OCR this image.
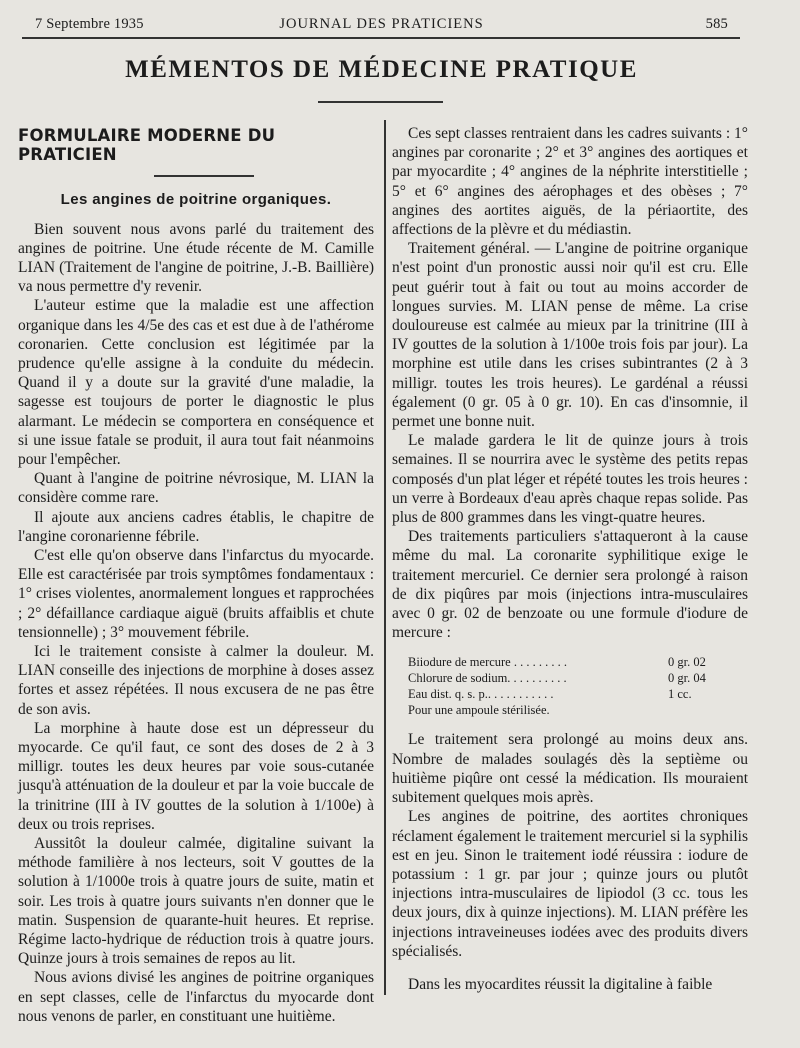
7 Septembre 1935	JOURNAL DES PRATICIENS	585
MÉMENTOS DE MÉDECINE PRATIQUE
FORMULAIRE MODERNE DU PRATICIEN
Les angines de poitrine organiques.

Bien souvent nous avons parlé du traitement des angines de poitrine. Une étude récente de M. Camille LIAN (Traitement de l'angine de poitrine, J.-B. Baillière) va nous permettre d'y revenir.

L'auteur estime que la maladie est une affection organique dans les 4/5e des cas et est due à de l'athérome coronarien. Cette conclusion est légitimée par la prudence qu'elle assigne à la conduite du médecin. Quand il y a doute sur la gravité d'une maladie, la sagesse est toujours de porter le diagnostic le plus alarmant. Le médecin se comportera en conséquence et si une issue fatale se produit, il aura tout fait néanmoins pour l'empêcher.

Quant à l'angine de poitrine névrosique, M. LIAN la considère comme rare.

Il ajoute aux anciens cadres établis, le chapitre de l'angine coronarienne fébrile.

C'est elle qu'on observe dans l'infarctus du myocarde. Elle est caractérisée par trois symptômes fondamentaux : 1° crises violentes, anormalement longues et rapprochées ; 2° défaillance cardiaque aiguë (bruits affaiblis et chute tensionnelle) ; 3° mouvement fébrile.

Ici le traitement consiste à calmer la douleur. M. LIAN conseille des injections de morphine à doses assez fortes et assez répétées. Il nous excusera de ne pas être de son avis.

La morphine à haute dose est un dépresseur du myocarde. Ce qu'il faut, ce sont des doses de 2 à 3 milligr. toutes les deux heures par voie sous-cutanée jusqu'à atténuation de la douleur et par la voie buccale de la trinitrine (III à IV gouttes de la solution à 1/100e) à deux ou trois reprises.

Aussitôt la douleur calmée, digitaline suivant la méthode familière à nos lecteurs, soit V gouttes de la solution à 1/1000e trois à quatre jours de suite, matin et soir. Les trois à quatre jours suivants n'en donner que le matin. Suspension de quarante-huit heures. Et reprise. Régime lacto-hydrique de réduction trois à quatre jours. Quinze jours à trois semaines de repos au lit.

Nous avions divisé les angines de poitrine organiques en sept classes, celle de l'infarctus du myocarde dont nous venons de parler, en constituant une huitième.

Ces sept classes rentraient dans les cadres suivants : 1° angines par coronarite ; 2° et 3° angines des aortiques et par myocardite ; 4° angines de la néphrite interstitielle ; 5° et 6° angines des aérophages et des obèses ; 7° angines des aortites aiguës, de la périaortite, des affections de la plèvre et du médiastin.

Traitement général. — L'angine de poitrine organique n'est point d'un pronostic aussi noir qu'il est cru. Elle peut guérir tout à fait ou tout au moins accorder de longues survies. M. LIAN pense de même. La crise douloureuse est calmée au mieux par la trinitrine (III à IV gouttes de la solution à 1/100e trois fois par jour). La morphine est utile dans les crises subintrantes (2 à 3 milligr. toutes les trois heures). Le gardénal a réussi également (0 gr. 05 à 0 gr. 10). En cas d'insomnie, il permet une bonne nuit.

Le malade gardera le lit de quinze jours à trois semaines. Il se nourrira avec le système des petits repas composés d'un plat léger et répété toutes les trois heures : un verre à Bordeaux d'eau après chaque repas solide. Pas plus de 800 grammes dans les vingt-quatre heures.

Des traitements particuliers s'attaqueront à la cause même du mal. La coronarite syphilitique exige le traitement mercuriel. Ce dernier sera prolongé à raison de dix piqûres par mois (injections intra-musculaires avec 0 gr. 02 de benzoate ou une formule d'iodure de mercure :

Biiodure de mercure . . . . . . . . .	0 gr. 02
Chlorure de sodium. . . . . . . . . .	0 gr. 04
Eau dist. q. s. p.. . . . . . . . . . .	1 cc.
Pour une ampoule stérilisée.

Le traitement sera prolongé au moins deux ans. Nombre de malades soulagés dès la septième ou huitième piqûre ont cessé la médication. Ils mouraient subitement quelques mois après.

Les angines de poitrine, des aortites chroniques réclament également le traitement mercuriel si la syphilis est en jeu. Sinon le traitement iodé réussira : iodure de potassium : 1 gr. par jour ; quinze jours ou plutôt injections intra-musculaires de lipiodol (3 cc. tous les deux jours, dix à quinze injections). M. LIAN préfère les injections intraveineuses iodées avec des produits divers spécialisés.

Dans les myocardites réussit la digitaline à faible
